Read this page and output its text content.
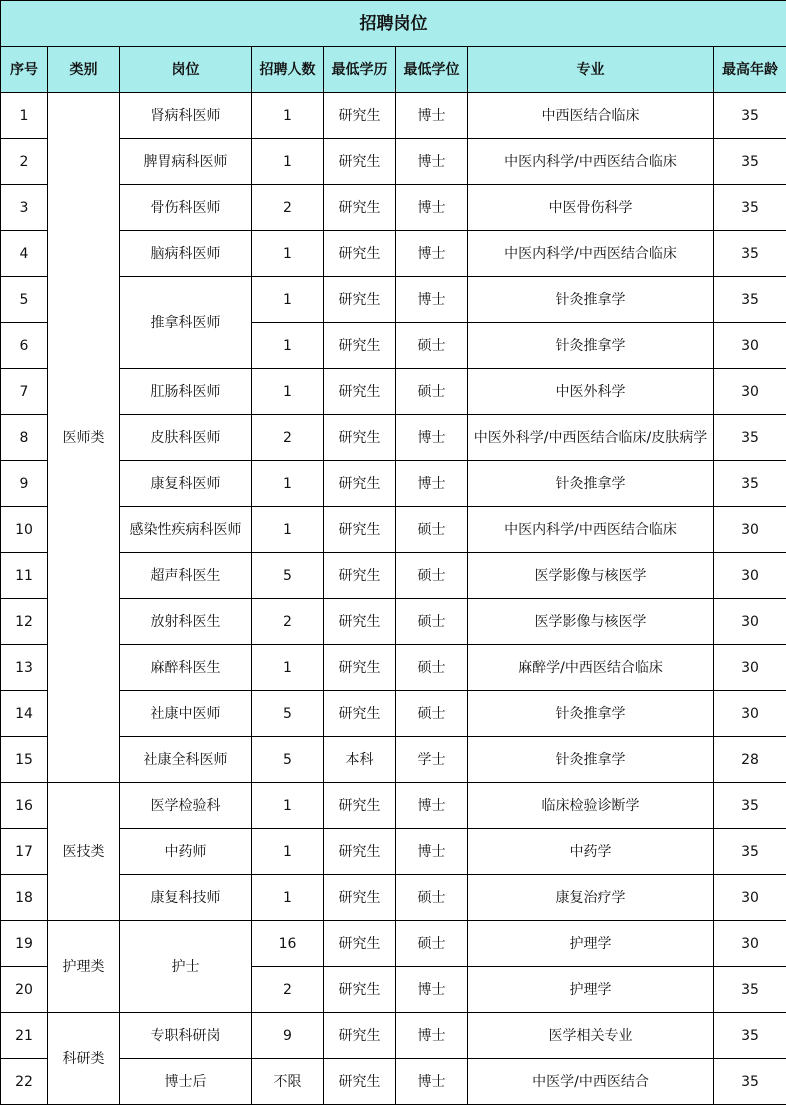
招聘岗位							
序号	类别	岗位	招聘人数	最低学历	最低学位	专业	最高年龄
1	医师类	肾病科医师	1	研究生	博士	中西医结合临床	35
2		脾胃病科医师	1	研究生	博士	中医内科学/中西医结合临床	35
3		骨伤科医师	2	研究生	博士	中医骨伤科学	35
4		脑病科医师	1	研究生	博士	中医内科学/中西医结合临床	35
5		推拿科医师	1	研究生	博士	针灸推拿学	35
6			1	研究生	硕士	针灸推拿学	30
7		肛肠科医师	1	研究生	硕士	中医外科学	30
8		皮肤科医师	2	研究生	博士	中医外科学/中西医结合临床/皮肤病学	35
9		康复科医师	1	研究生	博士	针灸推拿学	35
10		感染性疾病科医师	1	研究生	硕士	中医内科学/中西医结合临床	30
11		超声科医生	5	研究生	硕士	医学影像与核医学	30
12		放射科医生	2	研究生	硕士	医学影像与核医学	30
13		麻醉科医生	1	研究生	硕士	麻醉学/中西医结合临床	30
14		社康中医师	5	研究生	硕士	针灸推拿学	30
15		社康全科医师	5	本科	学士	针灸推拿学	28
16	医技类	医学检验科	1	研究生	博士	临床检验诊断学	35
17		中药师	1	研究生	博士	中药学	35
18		康复科技师	1	研究生	硕士	康复治疗学	30
19	护理类	护士	16	研究生	硕士	护理学	30
20			2	研究生	博士	护理学	35
21	科研类	专职科研岗	9	研究生	博士	医学相关专业	35
22		博士后	不限	研究生	博士	中医学/中西医结合	35
